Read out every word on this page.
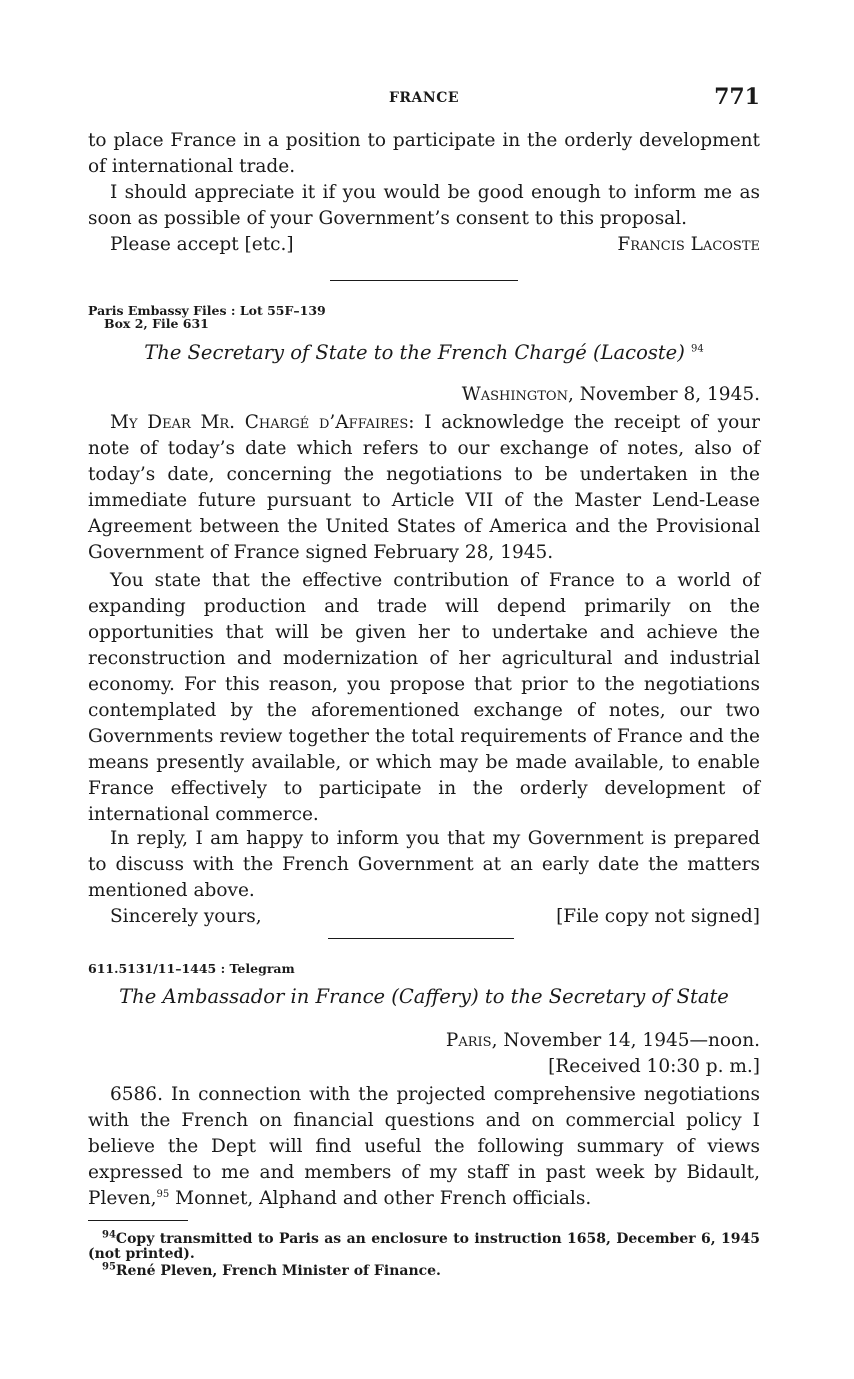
FRANCE	771

to place France in a position to participate in the orderly development of international trade.

I should appreciate it if you would be good enough to inform me as soon as possible of your Government’s consent to this proposal.

Please accept [etc.]	Francis Lacoste
Paris Embassy Files : Lot 55F–139
Box 2, File 631
The Secretary of State to the French Chargé (Lacoste) $^{94}$
Washington, November 8, 1945.

My Dear Mr. Chargé d’Affaires: I acknowledge the receipt of your note of today’s date which refers to our exchange of notes, also of today’s date, concerning the negotiations to be undertaken in the immediate future pursuant to Article VII of the Master Lend-Lease Agreement between the United States of America and the Provisional Government of France signed February 28, 1945.

You state that the effective contribution of France to a world of expanding production and trade will depend primarily on the opportunities that will be given her to undertake and achieve the reconstruction and modernization of her agricultural and industrial economy. For this reason, you propose that prior to the negotiations contemplated by the aforementioned exchange of notes, our two Governments review together the total requirements of France and the means presently available, or which may be made available, to enable France effectively to participate in the orderly development of international commerce.

In reply, I am happy to inform you that my Government is prepared to discuss with the French Government at an early date the matters mentioned above.

Sincerely yours,	[File copy not signed]
611.5131/11–1445 : Telegram
The Ambassador in France (Caffery) to the Secretary of State
Paris, November 14, 1945—noon.
[Received 10:30 p. m.]

6586. In connection with the projected comprehensive negotiations with the French on financial questions and on commercial policy I believe the Dept will find useful the following summary of views expressed to me and members of my staff in past week by Bidault, Pleven,$^{95}$ Monnet, Alphand and other French officials.

$^{94}$Copy transmitted to Paris as an enclosure to instruction 1658, December 6, 1945 (not printed).

$^{95}$René Pleven, French Minister of Finance.
